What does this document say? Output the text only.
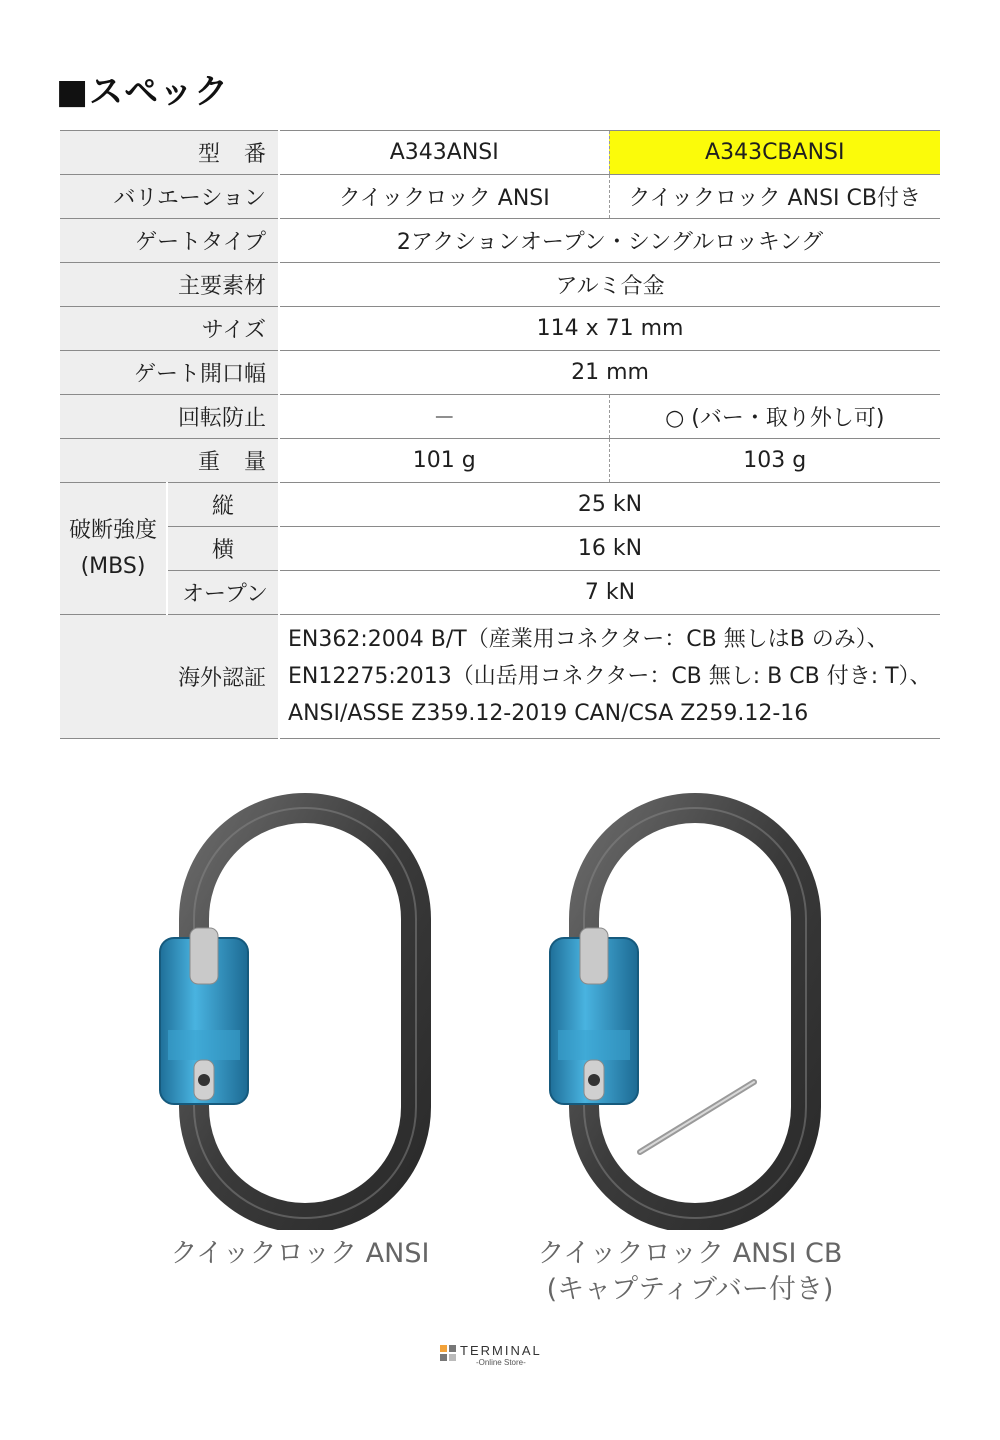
■スペック
型番		A343ANSI	A343CBANSI
バリエーション		クイックロック ANSI	クイックロック ANSI CB付き
ゲートタイプ		2アクションオープン・シングルロッキング	
主要素材		アルミ合金	
サイズ		114 x 71 mm	
ゲート開口幅		21 mm	
回転防止		－	○ (バー・取り外し可)
重量		101 g	103 g
破断強度
(MBS)	縦	25 kN	
	横	16 kN	
	オープン	7 kN	
海外認証		EN362:2004 B/T（産業用コネクター：CB 無しはB のみ）、
EN12275:2013（山岳用コネクター：CB 無し: B CB 付き: T）、
ANSI/ASSE Z359.12-2019 CAN/CSA Z259.12-16	
クイックロック ANSI	クイックロック ANSI CB
(キャプティブバー付き)
TERMINAL
-Online Store-
